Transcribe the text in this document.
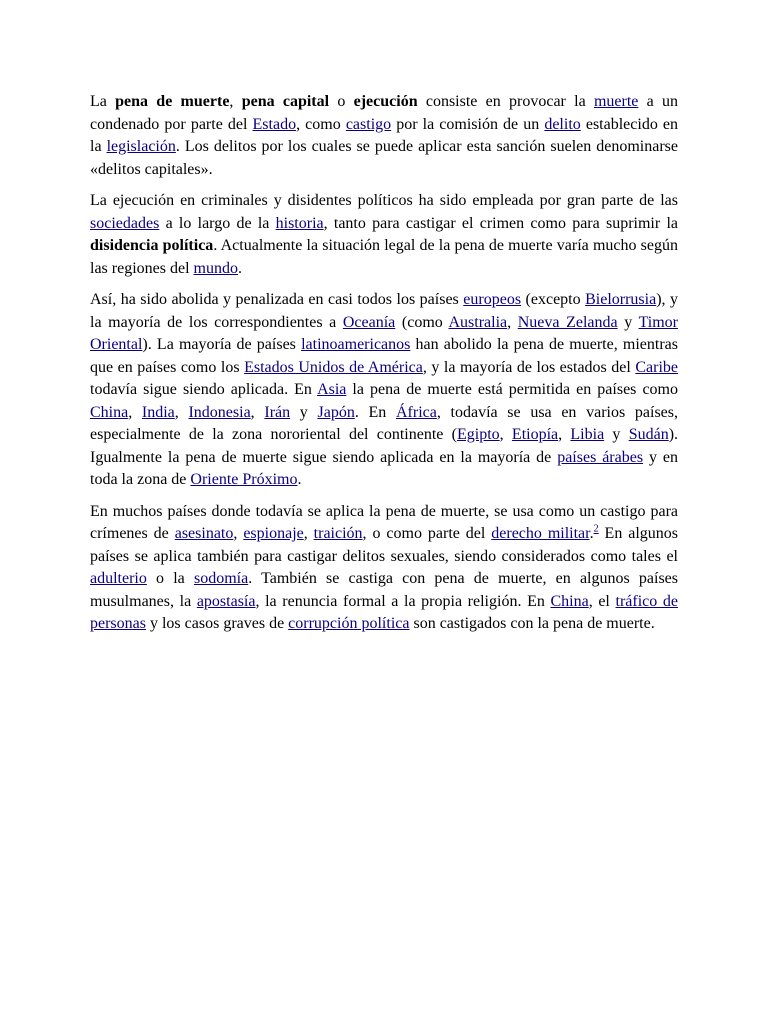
La pena de muerte, pena capital o ejecución consiste en provocar la muerte a un condenado por parte del Estado, como castigo por la comisión de un delito establecido en la legislación. Los delitos por los cuales se puede aplicar esta sanción suelen denominarse «delitos capitales».

La ejecución en criminales y disidentes políticos ha sido empleada por gran parte de las sociedades a lo largo de la historia, tanto para castigar el crimen como para suprimir la disidencia política. Actualmente la situación legal de la pena de muerte varía mucho según las regiones del mundo.

Así, ha sido abolida y penalizada en casi todos los países europeos (excepto Bielorrusia), y la mayoría de los correspondientes a Oceanía (como Australia, Nueva Zelanda y Timor Oriental). La mayoría de países latinoamericanos han abolido la pena de muerte, mientras que en países como los Estados Unidos de América, y la mayoría de los estados del Caribe todavía sigue siendo aplicada. En Asia la pena de muerte está permitida en países como China, India, Indonesia, Irán y Japón. En África, todavía se usa en varios países, especialmente de la zona nororiental del continente (Egipto, Etiopía, Libia y Sudán). Igualmente la pena de muerte sigue siendo aplicada en la mayoría de países árabes y en toda la zona de Oriente Próximo.

En muchos países donde todavía se aplica la pena de muerte, se usa como un castigo para crímenes de asesinato, espionaje, traición, o como parte del derecho militar.$^2$ En algunos países se aplica también para castigar delitos sexuales, siendo considerados como tales el adulterio o la sodomía. También se castiga con pena de muerte, en algunos países musulmanes, la apostasía, la renuncia formal a la propia religión. En China, el tráfico de personas y los casos graves de corrupción política son castigados con la pena de muerte.
